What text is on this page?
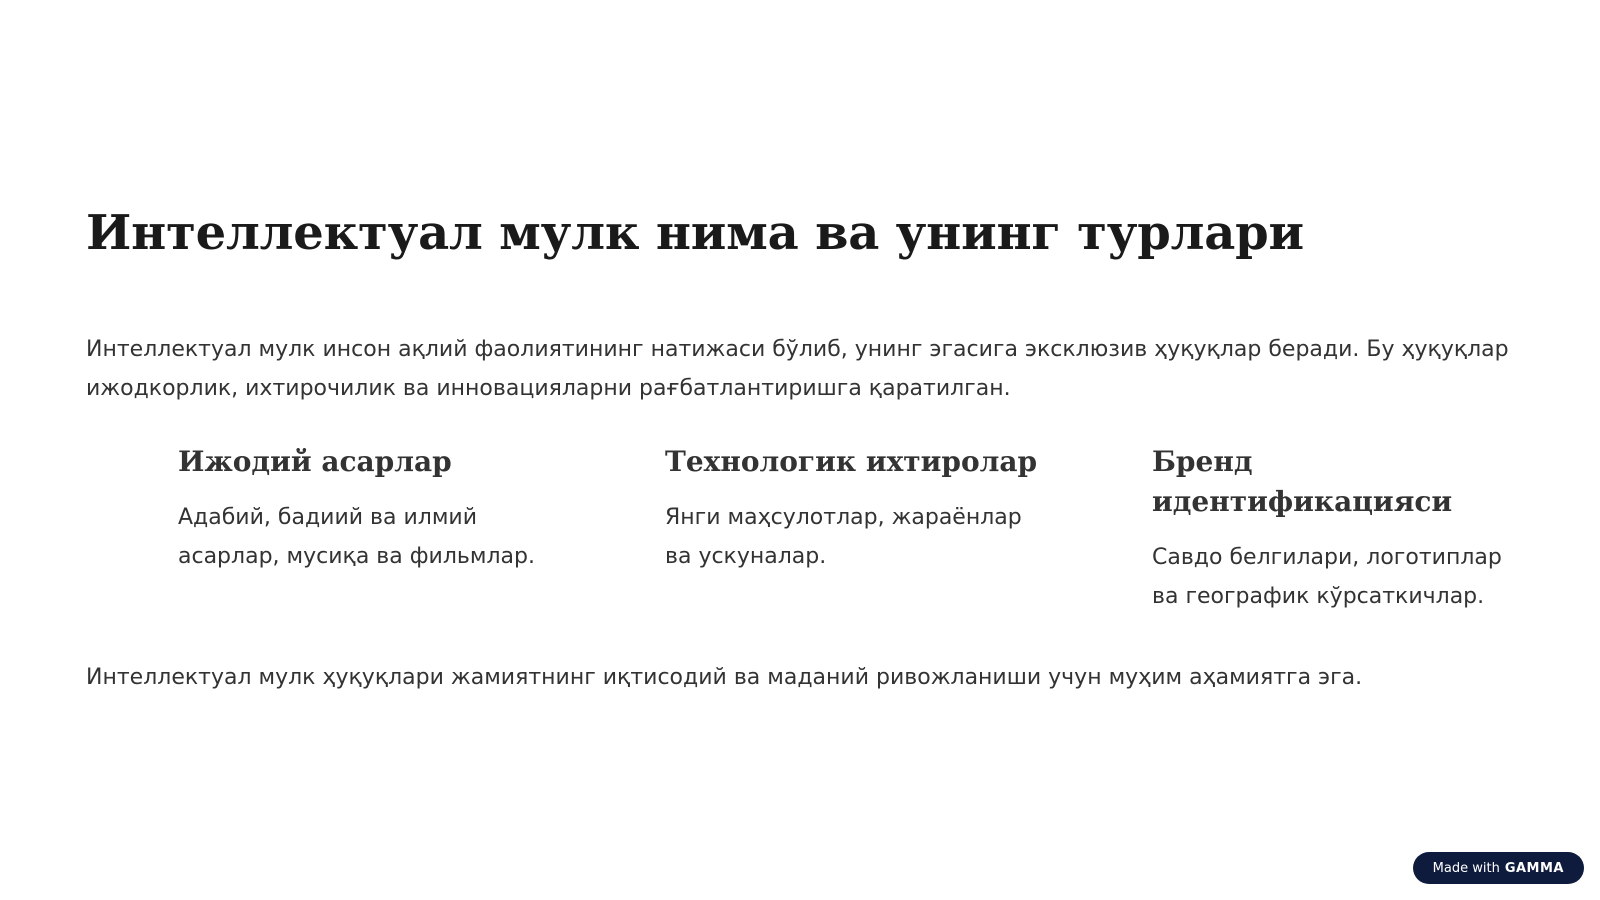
Интеллектуал мулк нима ва унинг турлари

Интеллектуал мулк инсон ақлий фаолиятининг натижаси бўлиб, унинг эгасига эксклюзив ҳуқуқлар беради. Бу ҳуқуқлар ижодкорлик, ихтирочилик ва инновацияларни рағбатлантиришга қаратилган.

Ижодий асарлар

Адабий, бадиий ва илмий асарлар, мусиқа ва фильмлар.

Технологик ихтиролар

Янги маҳсулотлар, жараёнлар ва ускуналар.

Бренд идентификацияси

Савдо белгилари, логотиплар ва географик кўрсаткичлар.

Интеллектуал мулк ҳуқуқлари жамиятнинг иқтисодий ва маданий ривожланиши учун муҳим аҳамиятга эга.

Made with GAMMA
